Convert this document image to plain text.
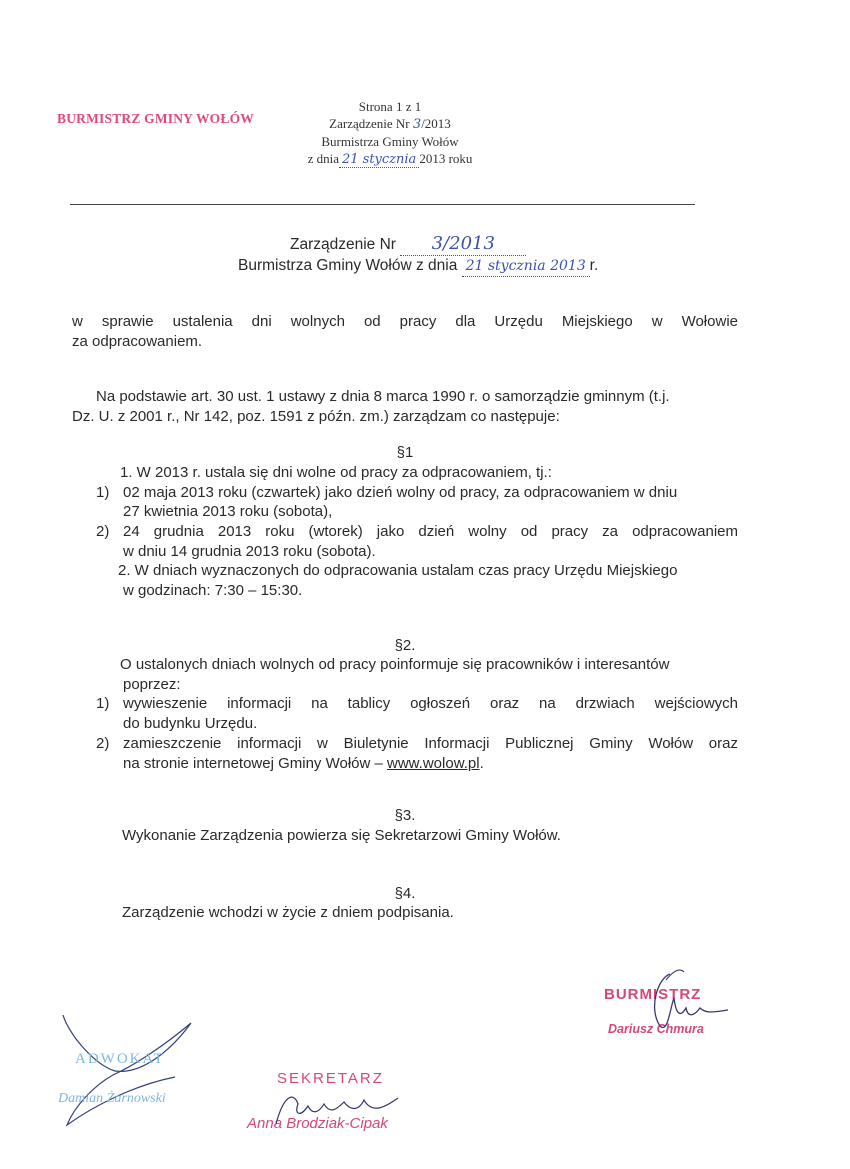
BURMISTRZ GMINY WOŁÓW
Strona 1 z 1
Zarządzenie Nr 3/2013
Burmistrza Gminy Wołów
z dnia 21 stycznia 2013 roku
Zarządzenie Nr 3/2013
Burmistrza Gminy Wołów z dnia 21 stycznia 2013 r.
w sprawie ustalenia dni wolnych od pracy dla Urzędu Miejskiego w Wołowie
za odpracowaniem.
Na podstawie art. 30 ust. 1 ustawy z dnia 8 marca 1990 r. o samorządzie gminnym (t.j.
Dz. U. z 2001 r., Nr 142, poz. 1591 z późn. zm.) zarządzam co następuje:
§1
1. W 2013 r. ustala się dni wolne od pracy za odpracowaniem, tj.:
1) 02 maja 2013 roku (czwartek) jako dzień wolny od pracy, za odpracowaniem w dniu
27 kwietnia 2013 roku (sobota),
2) 24 grudnia 2013 roku (wtorek) jako dzień wolny od pracy za odpracowaniem
w dniu 14 grudnia 2013 roku (sobota).
2. W dniach wyznaczonych do odpracowania ustalam czas pracy Urzędu Miejskiego
w godzinach: 7:30 – 15:30.
§2.
O ustalonych dniach wolnych od pracy poinformuje się pracowników i interesantów
poprzez:
1) wywieszenie informacji na tablicy ogłoszeń oraz na drzwiach wejściowych
do budynku Urzędu.
2) zamieszczenie informacji w Biuletynie Informacji Publicznej Gminy Wołów oraz
na stronie internetowej Gminy Wołów – www.wolow.pl.
§3.
Wykonanie Zarządzenia powierza się Sekretarzowi Gminy Wołów.
§4.
Zarządzenie wchodzi w życie z dniem podpisania.
BURMISTRZ
Dariusz Chmura
ADWOKAT
Damian Żarnowski
SEKRETARZ
Anna Brodziak-Cipak
